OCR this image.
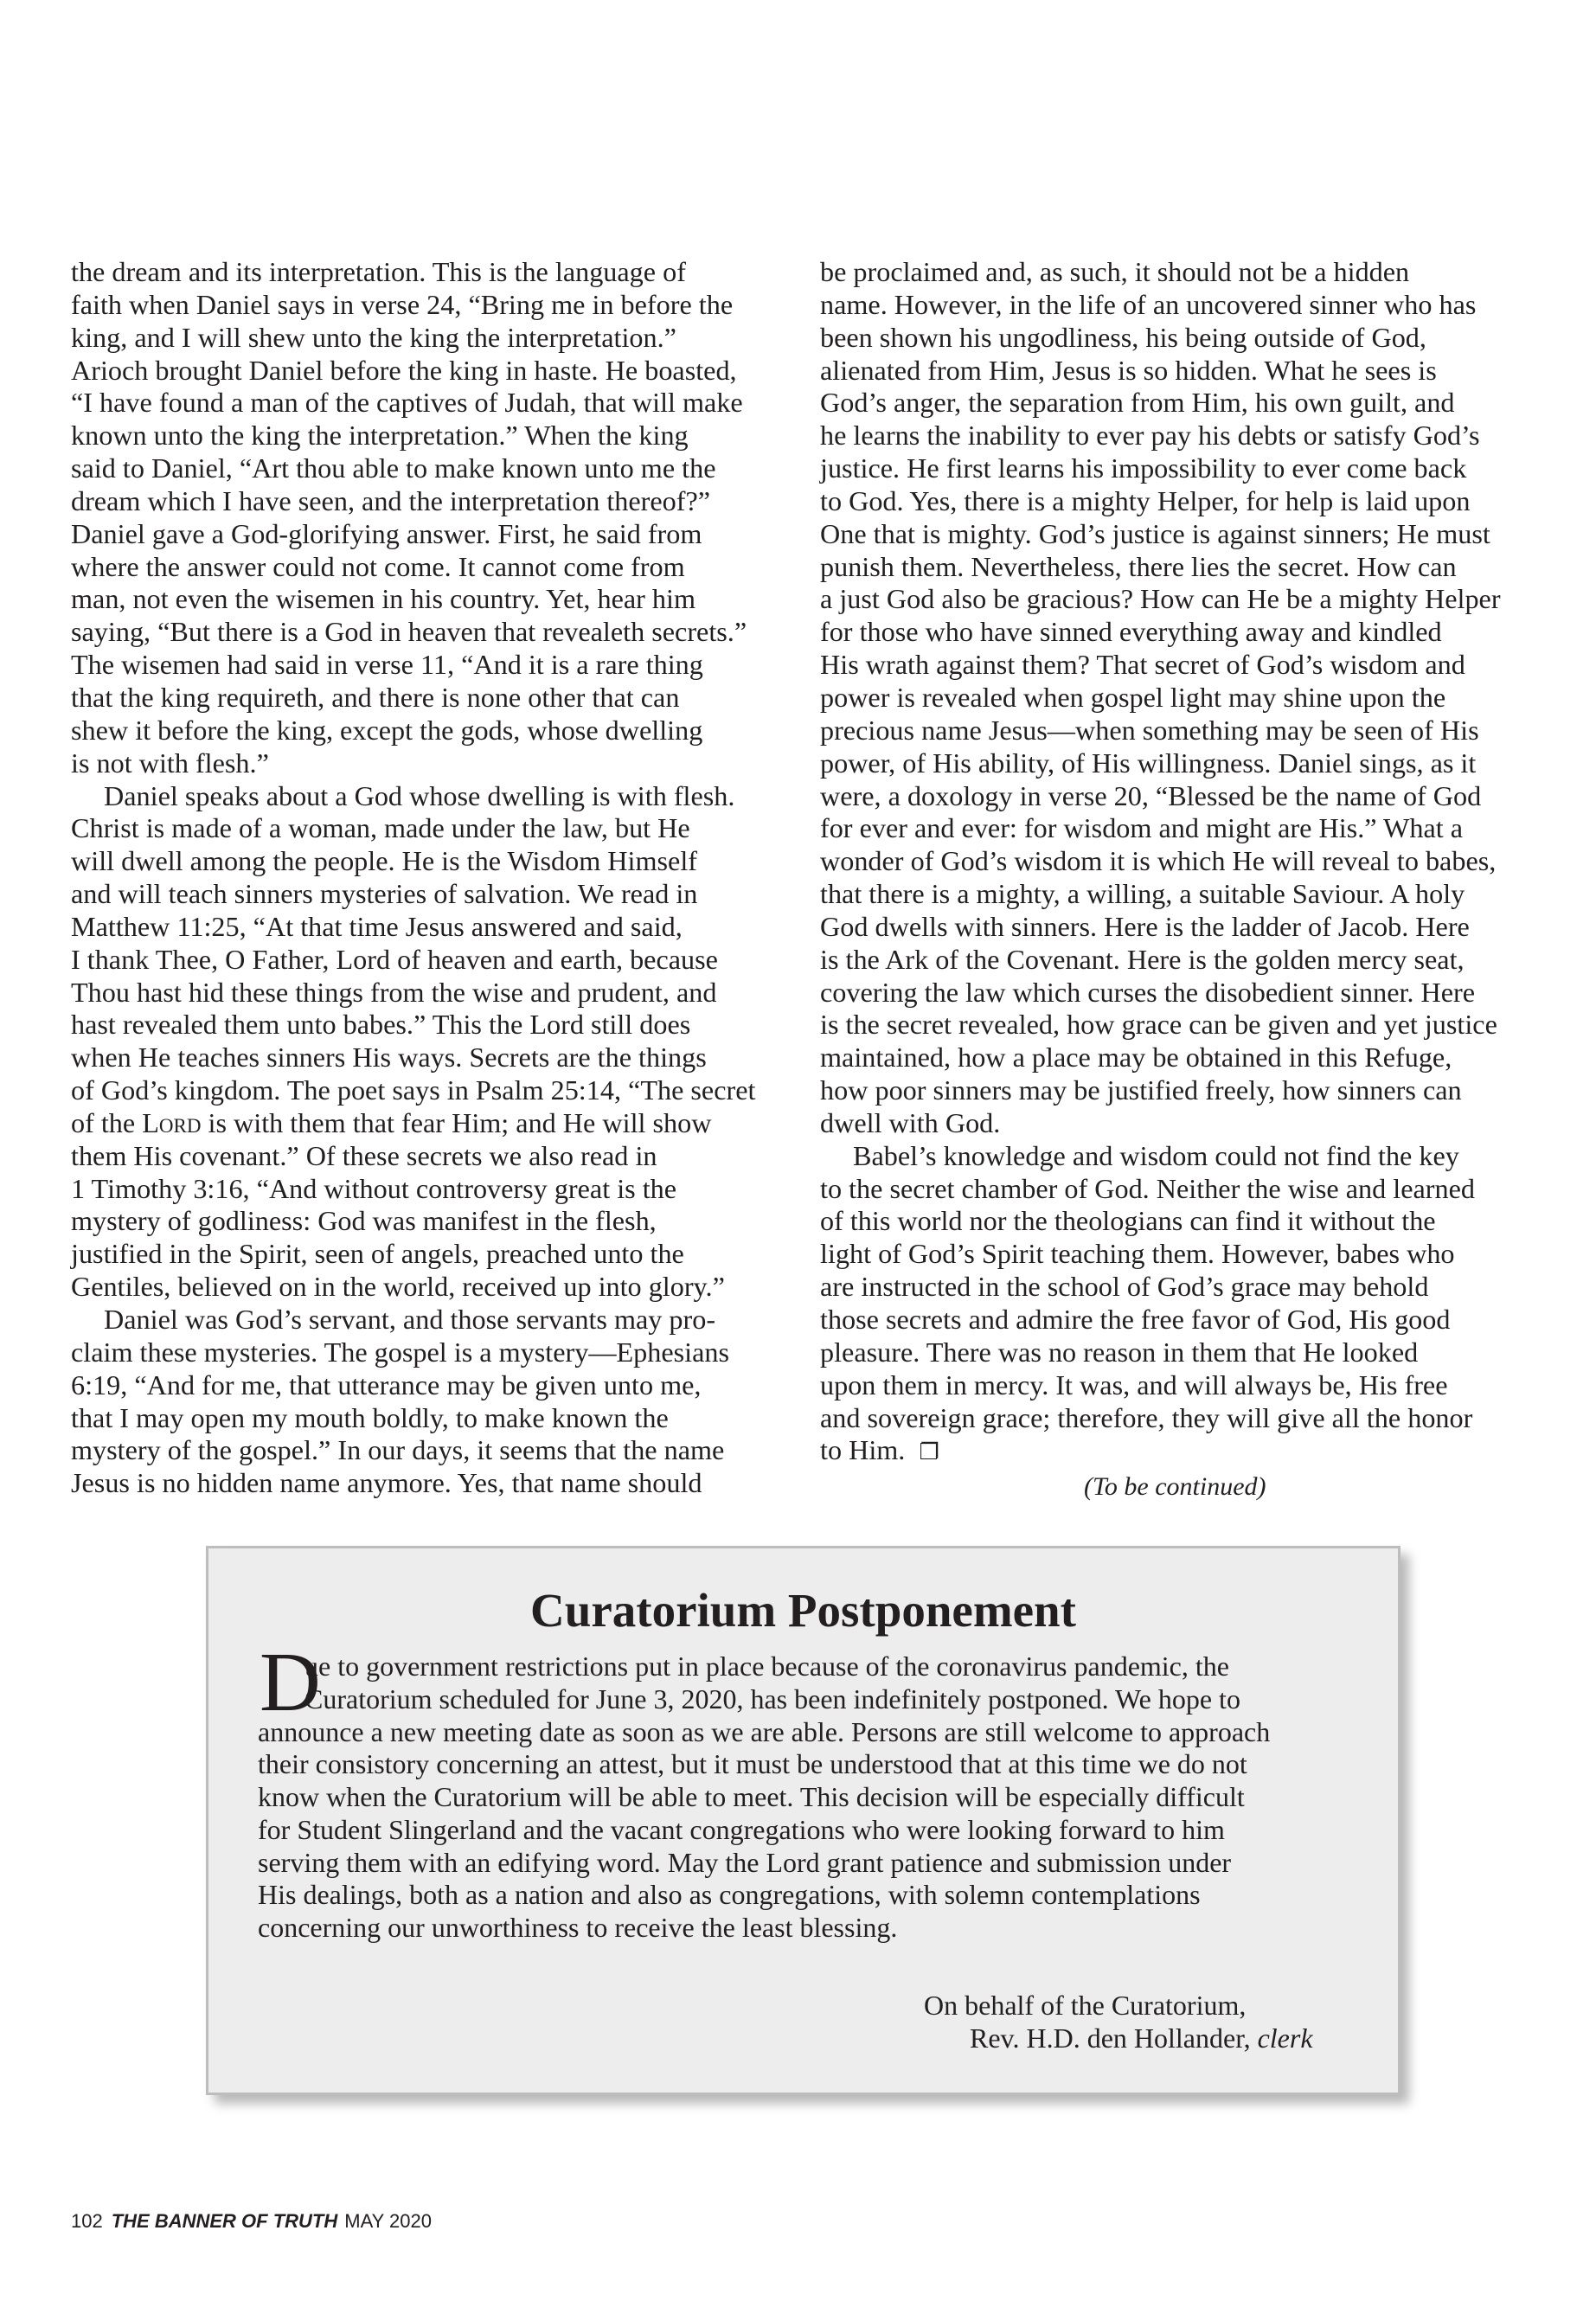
the dream and its interpretation. This is the language of
faith when Daniel says in verse 24, “Bring me in before the
king, and I will shew unto the king the interpretation.”
Arioch brought Daniel before the king in haste. He boasted,
“I have found a man of the captives of Judah, that will make
known unto the king the interpretation.” When the king
said to Daniel, “Art thou able to make known unto me the
dream which I have seen, and the interpretation thereof?”
Daniel gave a God-glorifying answer. First, he said from
where the answer could not come. It cannot come from
man, not even the wisemen in his country. Yet, hear him
saying, “But there is a God in heaven that revealeth secrets.”
The wisemen had said in verse 11, “And it is a rare thing
that the king requireth, and there is none other that can
shew it before the king, except the gods, whose dwelling
is not with flesh.”
Daniel speaks about a God whose dwelling is with flesh.
Christ is made of a woman, made under the law, but He
will dwell among the people. He is the Wisdom Himself
and will teach sinners mysteries of salvation. We read in
Matthew 11:25, “At that time Jesus answered and said,
I thank Thee, O Father, Lord of heaven and earth, because
Thou hast hid these things from the wise and prudent, and
hast revealed them unto babes.” This the Lord still does
when He teaches sinners His ways. Secrets are the things
of God’s kingdom. The poet says in Psalm 25:14, “The secret
of the Lord is with them that fear Him; and He will show
them His covenant.” Of these secrets we also read in
1 Timothy 3:16, “And without controversy great is the
mystery of godliness: God was manifest in the flesh,
justified in the Spirit, seen of angels, preached unto the
Gentiles, believed on in the world, received up into glory.”
Daniel was God’s servant, and those servants may pro-
claim these mysteries. The gospel is a mystery—Ephesians
6:19, “And for me, that utterance may be given unto me,
that I may open my mouth boldly, to make known the
mystery of the gospel.” In our days, it seems that the name
Jesus is no hidden name anymore. Yes, that name should
be proclaimed and, as such, it should not be a hidden
name. However, in the life of an uncovered sinner who has
been shown his ungodliness, his being outside of God,
alienated from Him, Jesus is so hidden. What he sees is
God’s anger, the separation from Him, his own guilt, and
he learns the inability to ever pay his debts or satisfy God’s
justice. He first learns his impossibility to ever come back
to God. Yes, there is a mighty Helper, for help is laid upon
One that is mighty. God’s justice is against sinners; He must
punish them. Nevertheless, there lies the secret. How can
a just God also be gracious? How can He be a mighty Helper
for those who have sinned everything away and kindled
His wrath against them? That secret of God’s wisdom and
power is revealed when gospel light may shine upon the
precious name Jesus—when something may be seen of His
power, of His ability, of His willingness. Daniel sings, as it
were, a doxology in verse 20, “Blessed be the name of God
for ever and ever: for wisdom and might are His.” What a
wonder of God’s wisdom it is which He will reveal to babes,
that there is a mighty, a willing, a suitable Saviour. A holy
God dwells with sinners. Here is the ladder of Jacob. Here
is the Ark of the Covenant. Here is the golden mercy seat,
covering the law which curses the disobedient sinner. Here
is the secret revealed, how grace can be given and yet justice
maintained, how a place may be obtained in this Refuge,
how poor sinners may be justified freely, how sinners can
dwell with God.
Babel’s knowledge and wisdom could not find the key
to the secret chamber of God. Neither the wise and learned
of this world nor the theologians can find it without the
light of God’s Spirit teaching them. However, babes who
are instructed in the school of God’s grace may behold
those secrets and admire the free favor of God, His good
pleasure. There was no reason in them that He looked
upon them in mercy. It was, and will always be, His free
and sovereign grace; therefore, they will give all the honor
to Him. ❐
(To be continued)
Curatorium Postponement
D
ue to government restrictions put in place because of the coronavirus pandemic, the
Curatorium scheduled for June 3, 2020, has been indefinitely postponed. We hope to
announce a new meeting date as soon as we are able. Persons are still welcome to approach
their consistory concerning an attest, but it must be understood that at this time we do not
know when the Curatorium will be able to meet. This decision will be especially difficult
for Student Slingerland and the vacant congregations who were looking forward to him
serving them with an edifying word. May the Lord grant patience and submission under
His dealings, both as a nation and also as congregations, with solemn contemplations
concerning our unworthiness to receive the least blessing.
On behalf of the Curatorium,
Rev. H.D. den Hollander, clerk
102 THE BANNER OF TRUTH MAY 2020
